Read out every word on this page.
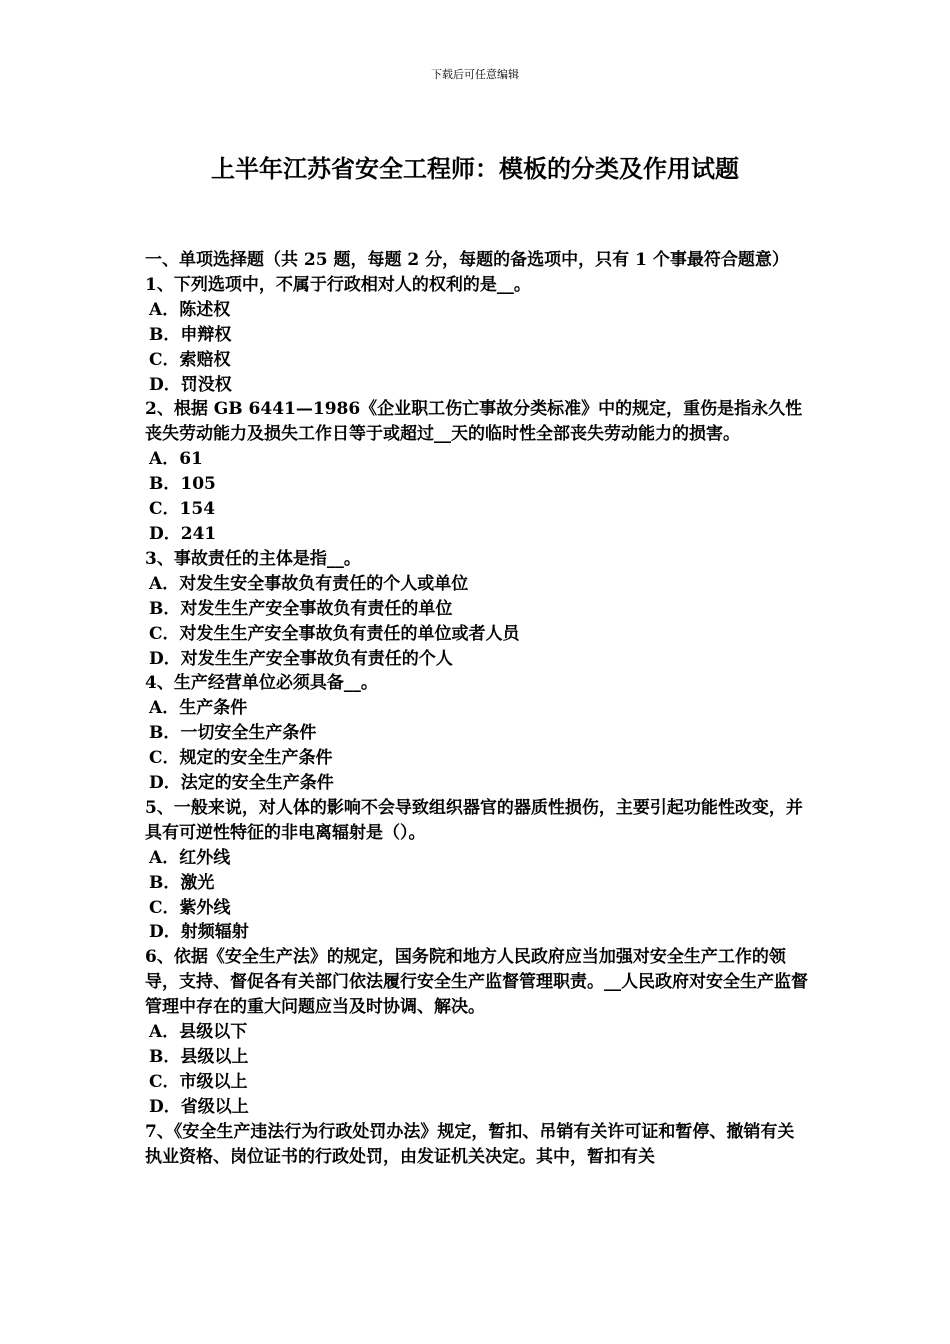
下载后可任意编辑
上半年江苏省安全工程师：模板的分类及作用试题

一、单项选择题（共 25 题，每题 2 分，每题的备选项中，只有 1 个事最符合题意）

1、下列选项中，不属于行政相对人的权利的是__。

A．陈述权

B．申辩权

C．索赔权

D．罚没权

2、根据 GB 6441—1986《企业职工伤亡事故分类标准》中的规定，重伤是指永久性丧失劳动能力及损失工作日等于或超过__天的临时性全部丧失劳动能力的损害。

A．61

B．105

C．154

D．241

3、事故责任的主体是指__。

A．对发生安全事故负有责任的个人或单位

B．对发生生产安全事故负有责任的单位

C．对发生生产安全事故负有责任的单位或者人员

D．对发生生产安全事故负有责任的个人

4、生产经营单位必须具备__。

A．生产条件

B．一切安全生产条件

C．规定的安全生产条件

D．法定的安全生产条件

5、一般来说，对人体的影响不会导致组织器官的器质性损伤，主要引起功能性改变，并具有可逆性特征的非电离辐射是（）。

A．红外线

B．激光

C．紫外线

D．射频辐射

6、依据《安全生产法》的规定，国务院和地方人民政府应当加强对安全生产工作的领导，支持、督促各有关部门依法履行安全生产监督管理职责。__人民政府对安全生产监督管理中存在的重大问题应当及时协调、解决。

A．县级以下

B．县级以上

C．市级以上

D．省级以上

7、《安全生产违法行为行政处罚办法》规定，暂扣、吊销有关许可证和暂停、撤销有关执业资格、岗位证书的行政处罚，由发证机关决定。其中，暂扣有关
